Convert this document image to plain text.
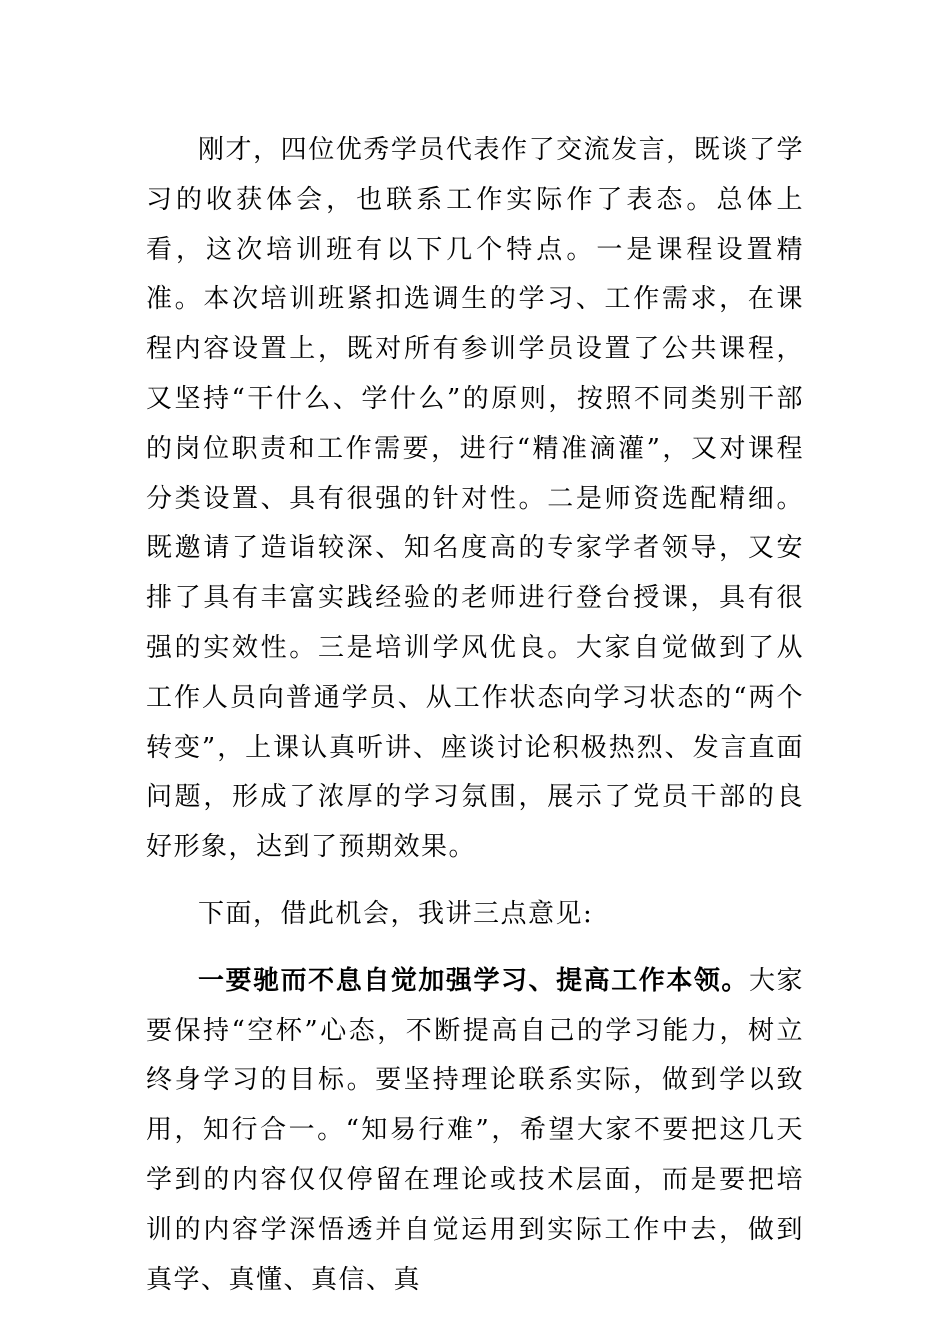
刚才，四位优秀学员代表作了交流发言，既谈了学习的收获体会，也联系工作实际作了表态。总体上看，这次培训班有以下几个特点。一是课程设置精准。本次培训班紧扣选调生的学习、工作需求，在课程内容设置上，既对所有参训学员设置了公共课程，又坚持“干什么、学什么”的原则，按照不同类别干部的岗位职责和工作需要，进行“精准滴灌”，又对课程分类设置、具有很强的针对性。二是师资选配精细。既邀请了造诣较深、知名度高的专家学者领导，又安排了具有丰富实践经验的老师进行登台授课，具有很强的实效性。三是培训学风优良。大家自觉做到了从工作人员向普通学员、从工作状态向学习状态的“两个转变”，上课认真听讲、座谈讨论积极热烈、发言直面问题，形成了浓厚的学习氛围，展示了党员干部的良好形象，达到了预期效果。

下面，借此机会，我讲三点意见:

一要驰而不息自觉加强学习、提高工作本领。大家要保持“空杯”心态，不断提高自己的学习能力，树立终身学习的目标。要坚持理论联系实际，做到学以致用，知行合一。“知易行难”，希望大家不要把这几天学到的内容仅仅停留在理论或技术层面，而是要把培训的内容学深悟透并自觉运用到实际工作中去，做到真学、真懂、真信、真
